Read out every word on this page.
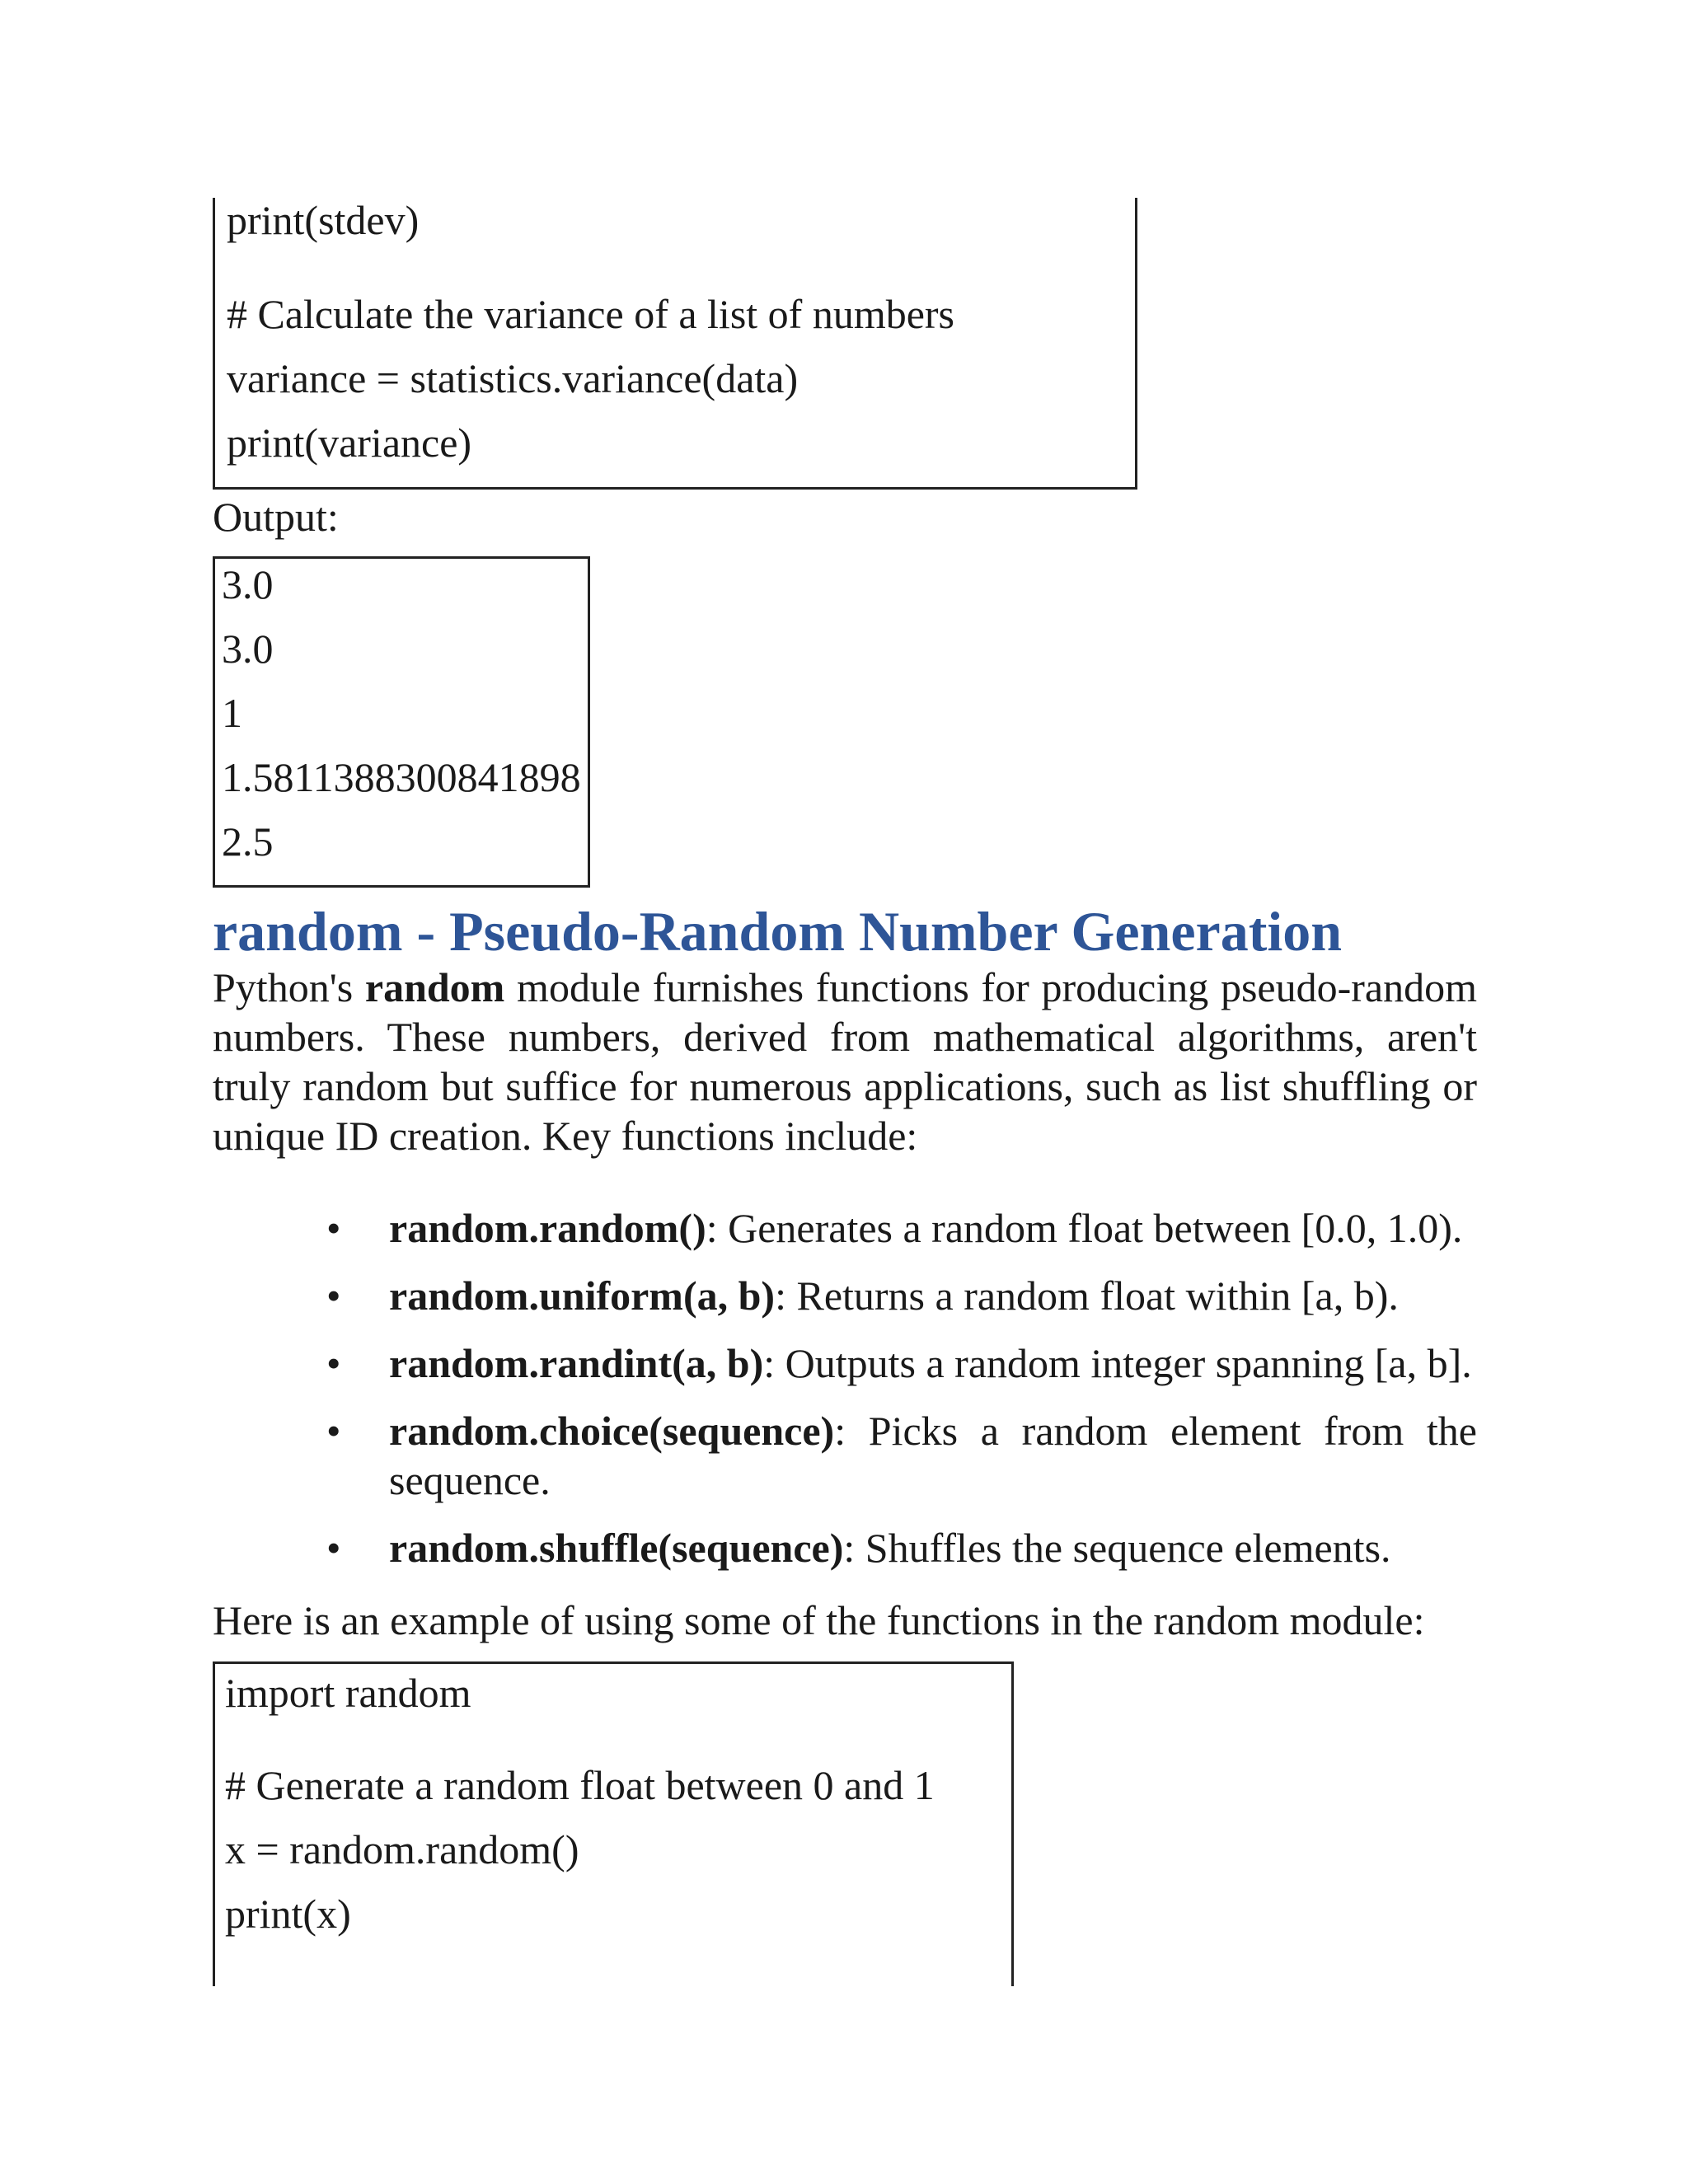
print(stdev)
# Calculate the variance of a list of numbers
variance = statistics.variance(data)
print(variance)
Output:
3.0
3.0
1
1.5811388300841898
2.5
random - Pseudo-Random Number Generation
Python's random module furnishes functions for producing pseudo-random numbers. These numbers, derived from mathematical algorithms, aren't truly random but suffice for numerous applications, such as list shuffling or unique ID creation. Key functions include:
• random.random(): Generates a random float between [0.0, 1.0).
• random.uniform(a, b): Returns a random float within [a, b).
• random.randint(a, b): Outputs a random integer spanning [a, b].
• random.choice(sequence): Picks a random element from the sequence.
• random.shuffle(sequence): Shuffles the sequence elements.
Here is an example of using some of the functions in the random module:
import random
# Generate a random float between 0 and 1
x = random.random()
print(x)
